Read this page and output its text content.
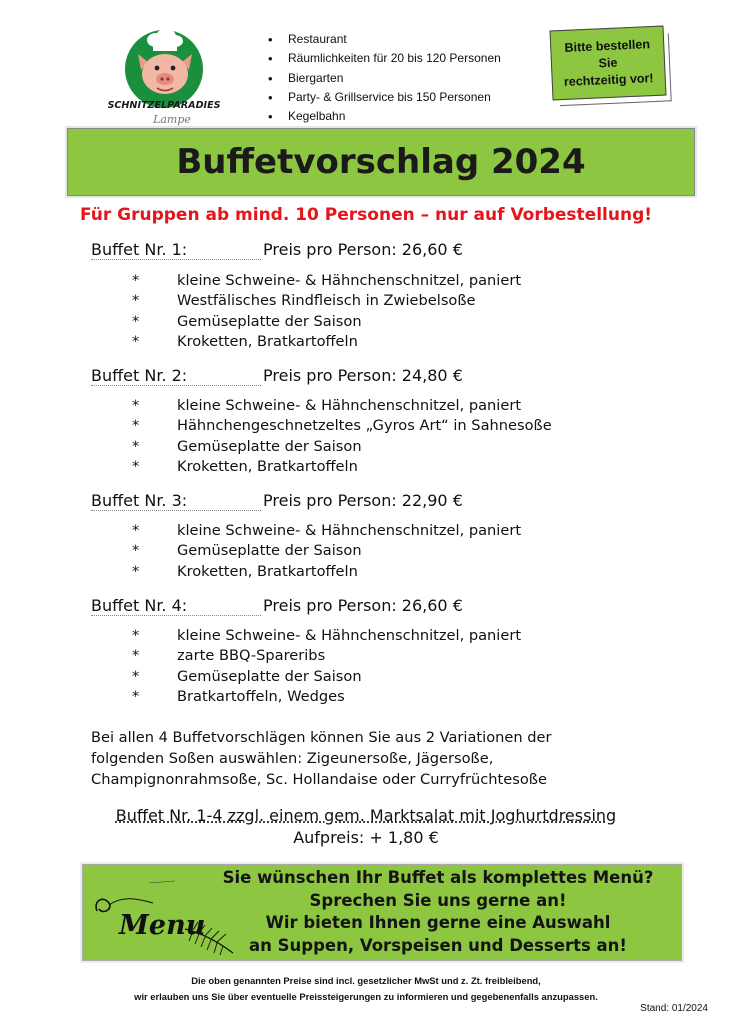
SCHNITZELPARADIES
Lampe
• Restaurant
• Räumlichkeiten für 20 bis 120 Personen
• Biergarten
• Party- & Grillservice bis 150 Personen
• Kegelbahn
Bitte bestellen
Sie
rechtzeitig vor!
Buffetvorschlag 2024
Für Gruppen ab mind. 10 Personen – nur auf Vorbestellung!
Buffet Nr. 1:	Preis pro Person: 26,60 €
* kleine Schweine- & Hähnchenschnitzel, paniert
* Westfälisches Rindfleisch in Zwiebelsoße
* Gemüseplatte der Saison
* Kroketten, Bratkartoffeln
Buffet Nr. 2:	Preis pro Person: 24,80 €
* kleine Schweine- & Hähnchenschnitzel, paniert
* Hähnchengeschnetzeltes „Gyros Art“ in Sahnesoße
* Gemüseplatte der Saison
* Kroketten, Bratkartoffeln
Buffet Nr. 3:	Preis pro Person: 22,90 €
* kleine Schweine- & Hähnchenschnitzel, paniert
* Gemüseplatte der Saison
* Kroketten, Bratkartoffeln
Buffet Nr. 4:	Preis pro Person: 26,60 €
* kleine Schweine- & Hähnchenschnitzel, paniert
* zarte BBQ-Spareribs
* Gemüseplatte der Saison
* Bratkartoffeln, Wedges
Bei allen 4 Buffetvorschlägen können Sie aus 2 Variationen der
folgenden Soßen auswählen: Zigeunersoße, Jägersoße,
Champignonrahmsoße, Sc. Hollandaise oder Curryfrüchtesoße
Buffet Nr. 1-4 zzgl. einem gem. Marktsalat mit Joghurtdressing
Aufpreis: + 1,80 €
Menu
Sie wünschen Ihr Buffet als komplettes Menü?
Sprechen Sie uns gerne an!
Wir bieten Ihnen gerne eine Auswahl
an Suppen, Vorspeisen und Desserts an!
Die oben genannten Preise sind incl. gesetzlicher MwSt und z. Zt. freibleibend,
wir erlauben uns Sie über eventuelle Preissteigerungen zu informieren und gegebenenfalls anzupassen.
Stand: 01/2024
